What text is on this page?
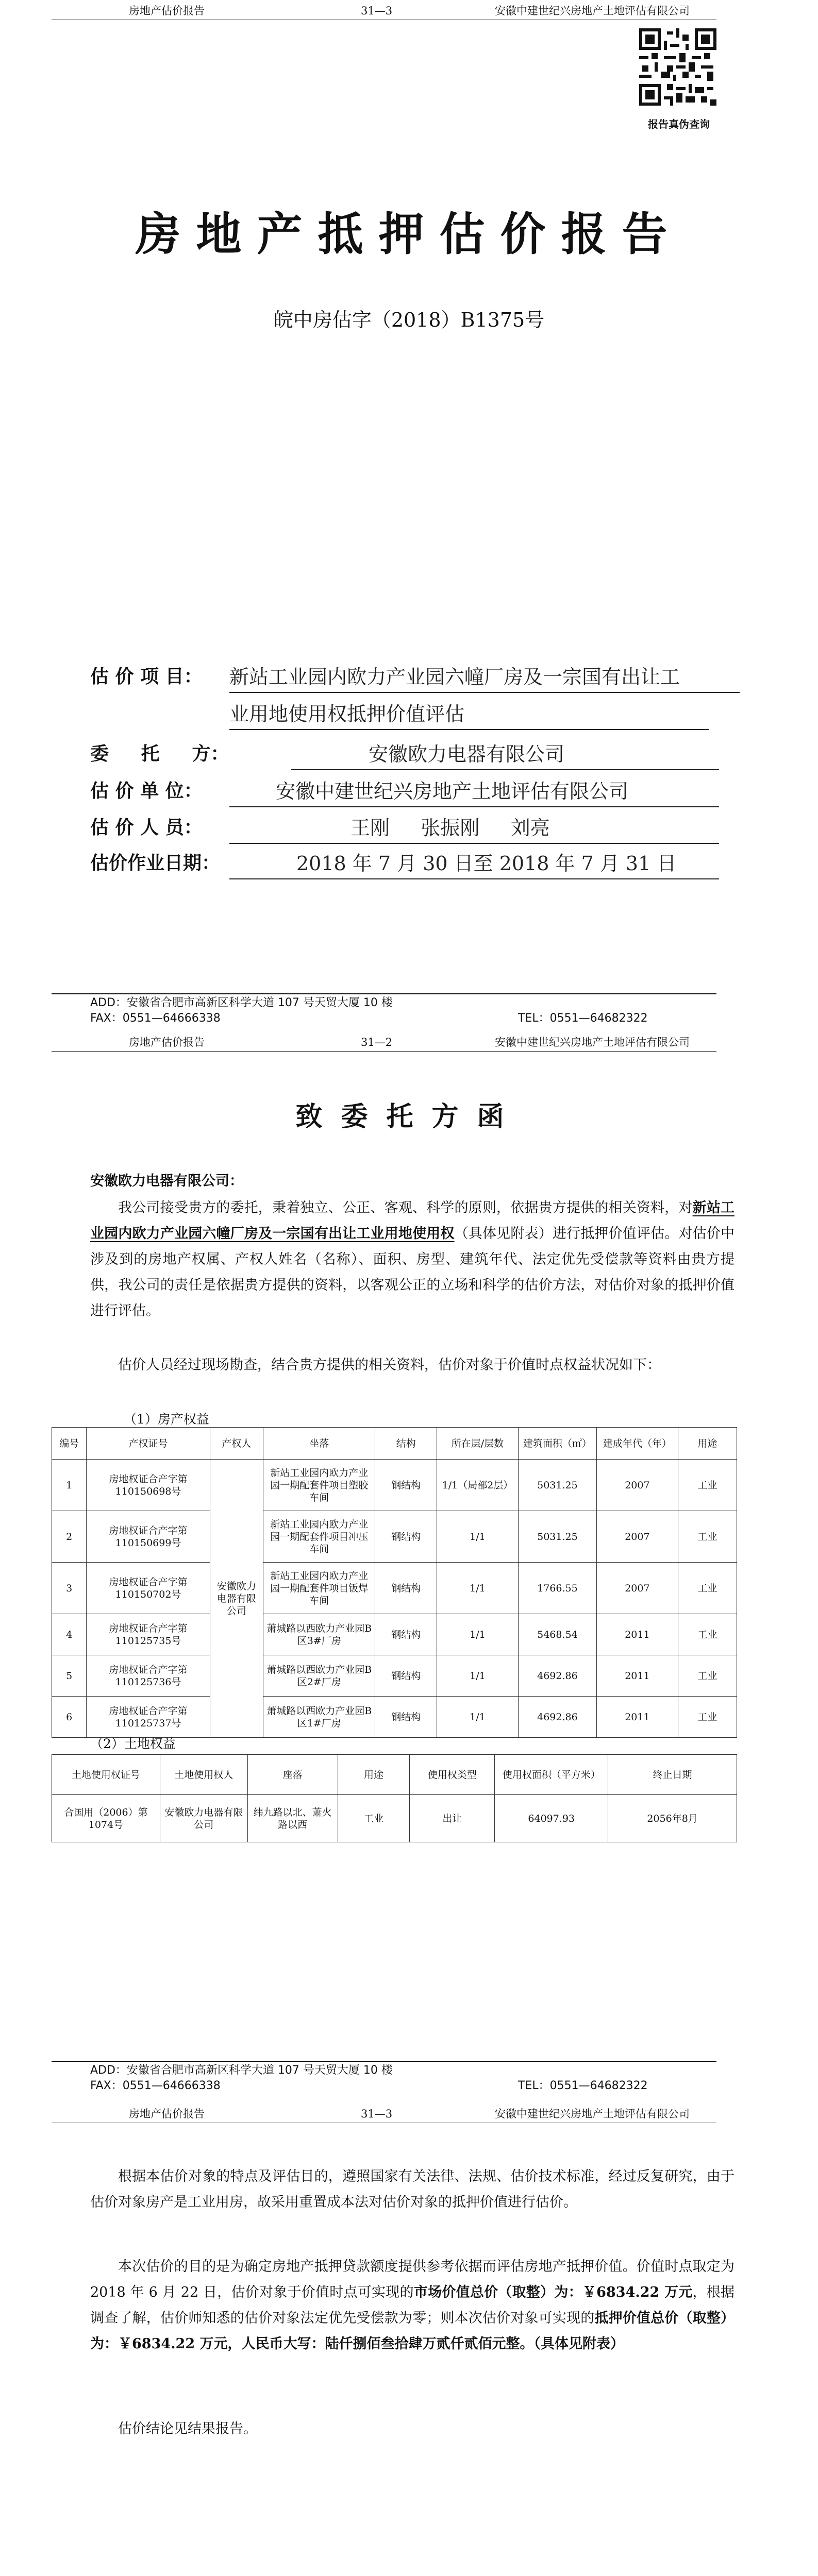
房地产估价报告	31—3	安徽中建世纪兴房地产土地评估有限公司
报告真伪查询
房地产抵押估价报告
皖中房估字（2018）B1375号
估 价 项 目： 新站工业园内欧力产业园六幢厂房及一宗国有出让工
业用地使用权抵押价值评估
委     托     方：	安徽欧力电器有限公司
估 价 单 位：	安徽中建世纪兴房地产土地评估有限公司
估 价 人 员：	王刚     张振刚     刘亮
估价作业日期：	2018 年 7 月 30 日至 2018 年 7 月 31 日
ADD：安徽省合肥市高新区科学大道 107 号天贸大厦 10 楼
FAX：0551—64666338	TEL：0551—64682322
房地产估价报告	31—2	安徽中建世纪兴房地产土地评估有限公司
致委托方函
安徽欧力电器有限公司：
我公司接受贵方的委托，秉着独立、公正、客观、科学的原则，依据贵方提供的相关资料，对新站工业园内欧力产业园六幢厂房及一宗国有出让工业用地使用权（具体见附表）进行抵押价值评估。对估价中涉及到的房地产权属、产权人姓名（名称）、面积、房型、建筑年代、法定优先受偿款等资料由贵方提供，我公司的责任是依据贵方提供的资料，以客观公正的立场和科学的估价方法，对估价对象的抵押价值进行评估。
估价人员经过现场勘查，结合贵方提供的相关资料，估价对象于价值时点权益状况如下：
（1）房产权益
编号	产权证号	产权人	坐落	结构	所在层/层数	建筑面积（㎡）	建成年代（年）	用途
1	房地权证合产字第110150698号	安徽欧力电器有限公司	新站工业园内欧力产业园一期配套件项目塑胶车间	钢结构	1/1（局部2层）	5031.25	2007	工业
2	房地权证合产字第110150699号		新站工业园内欧力产业园一期配套件项目冲压车间	钢结构	1/1	5031.25	2007	工业
3	房地权证合产字第110150702号		新站工业园内欧力产业园一期配套件项目钣焊车间	钢结构	1/1	1766.55	2007	工业
4	房地权证合产字第110125735号		萧城路以西欧力产业园B区3#厂房	钢结构	1/1	5468.54	2011	工业
5	房地权证合产字第110125736号		萧城路以西欧力产业园B区2#厂房	钢结构	1/1	4692.86	2011	工业
6	房地权证合产字第110125737号		萧城路以西欧力产业园B区1#厂房	钢结构	1/1	4692.86	2011	工业
（2）土地权益
土地使用权证号	土地使用权人	座落	用途	使用权类型	使用权面积（平方米）	终止日期
合国用（2006）第1074号	安徽欧力电器有限公司	纬九路以北、萧火路以西	工业	出让	64097.93	2056年8月
ADD：安徽省合肥市高新区科学大道 107 号天贸大厦 10 楼
FAX：0551—64666338	TEL：0551—64682322
房地产估价报告	31—3	安徽中建世纪兴房地产土地评估有限公司
根据本估价对象的特点及评估目的，遵照国家有关法律、法规、估价技术标准，经过反复研究，由于估价对象房产是工业用房，故采用重置成本法对估价对象的抵押价值进行估价。
本次估价的目的是为确定房地产抵押贷款额度提供参考依据而评估房地产抵押价值。价值时点取定为 2018 年 6 月 22 日，估价对象于价值时点可实现的市场价值总价（取整）为：￥6834.22 万元，根据调查了解，估价师知悉的估价对象法定优先受偿款为零；则本次估价对象可实现的抵押价值总价（取整）为：￥6834.22 万元，人民币大写：陆仟捌佰叁拾肆万贰仟贰佰元整。（具体见附表）
估价结论见结果报告。
